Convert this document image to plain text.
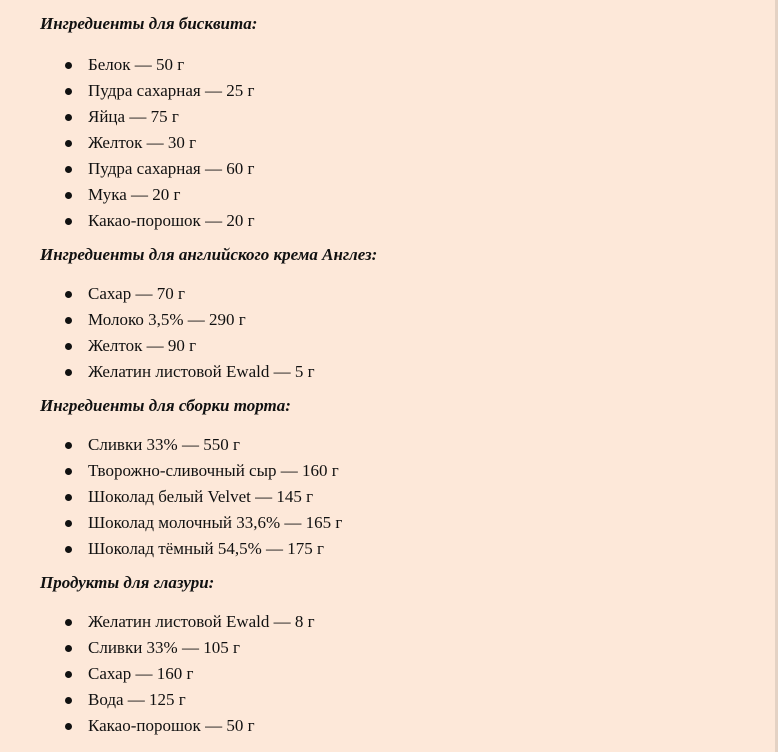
Ингредиенты для бисквита:
Белок — 50 г
Пудра сахарная — 25 г
Яйца — 75 г
Желток — 30 г
Пудра сахарная — 60 г
Мука — 20 г
Какао-порошок — 20 г
Ингредиенты для английского крема Англез:
Сахар — 70 г
Молоко 3,5% — 290 г
Желток — 90 г
Желатин листовой Ewald — 5 г
Ингредиенты для сборки торта:
Сливки 33% — 550 г
Творожно-сливочный сыр — 160 г
Шоколад белый Velvet — 145 г
Шоколад молочный 33,6% — 165 г
Шоколад тёмный 54,5% — 175 г
Продукты для глазури:
Желатин листовой Ewald — 8 г
Сливки 33% — 105 г
Сахар — 160 г
Вода — 125 г
Какао-порошок — 50 г
